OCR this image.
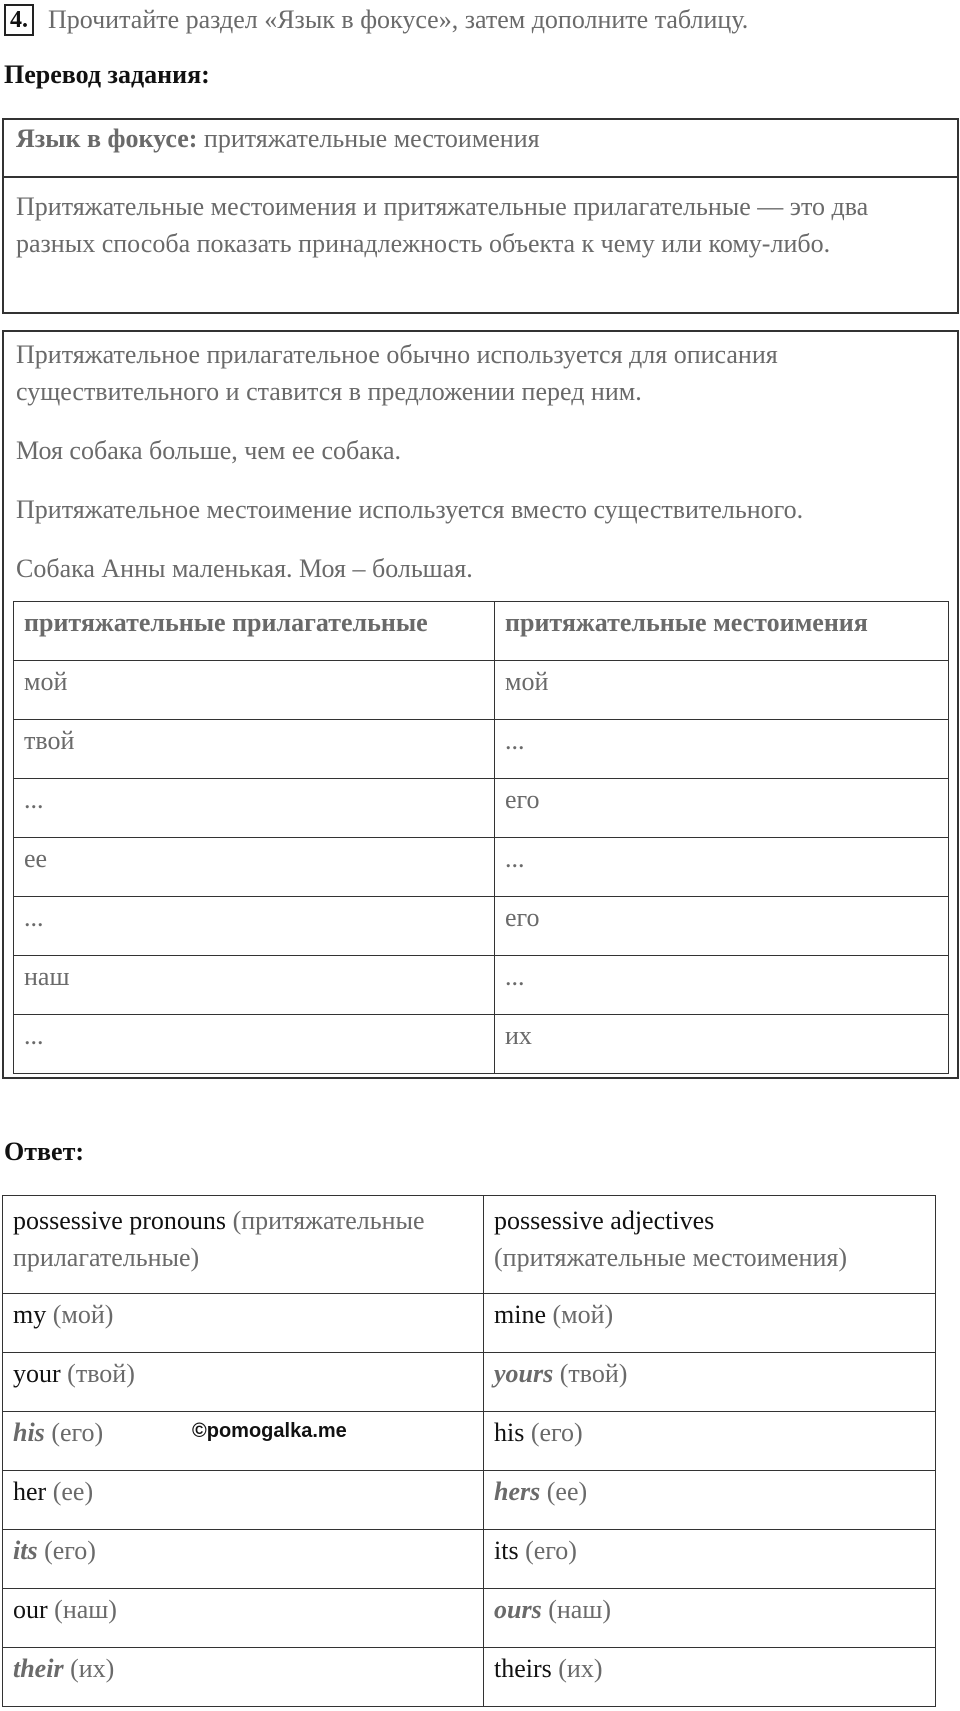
4. Прочитайте раздел «Язык в фокусе», затем дополните таблицу.
Перевод задания:
Язык в фокусе: притяжательные местоимения
Притяжательные местоимения и притяжательные прилагательные — это два разных способа показать принадлежность объекта к чему или кому-либо.

Притяжательное прилагательное обычно используется для описания существительного и ставится в предложении перед ним.

Моя собака больше, чем ее собака.

Притяжательное местоимение используется вместо существительного.

Собака Анны маленькая. Моя – большая.

притяжательные прилагательные	притяжательные местоимения
мой	мой
твой	...
...	его
ее	...
...	его
наш	...
...	их
Ответ:
possessive pronouns (притяжательные прилагательные)	possessive adjectives
(притяжательные местоимения)
my (мой)	mine (мой)
your (твой)	yours (твой)
his (его)	his (его)
her (ее)	hers (ее)
its (его)	its (его)
our (наш)	ours (наш)
their (их)	theirs (их)
©pomogalka.me
